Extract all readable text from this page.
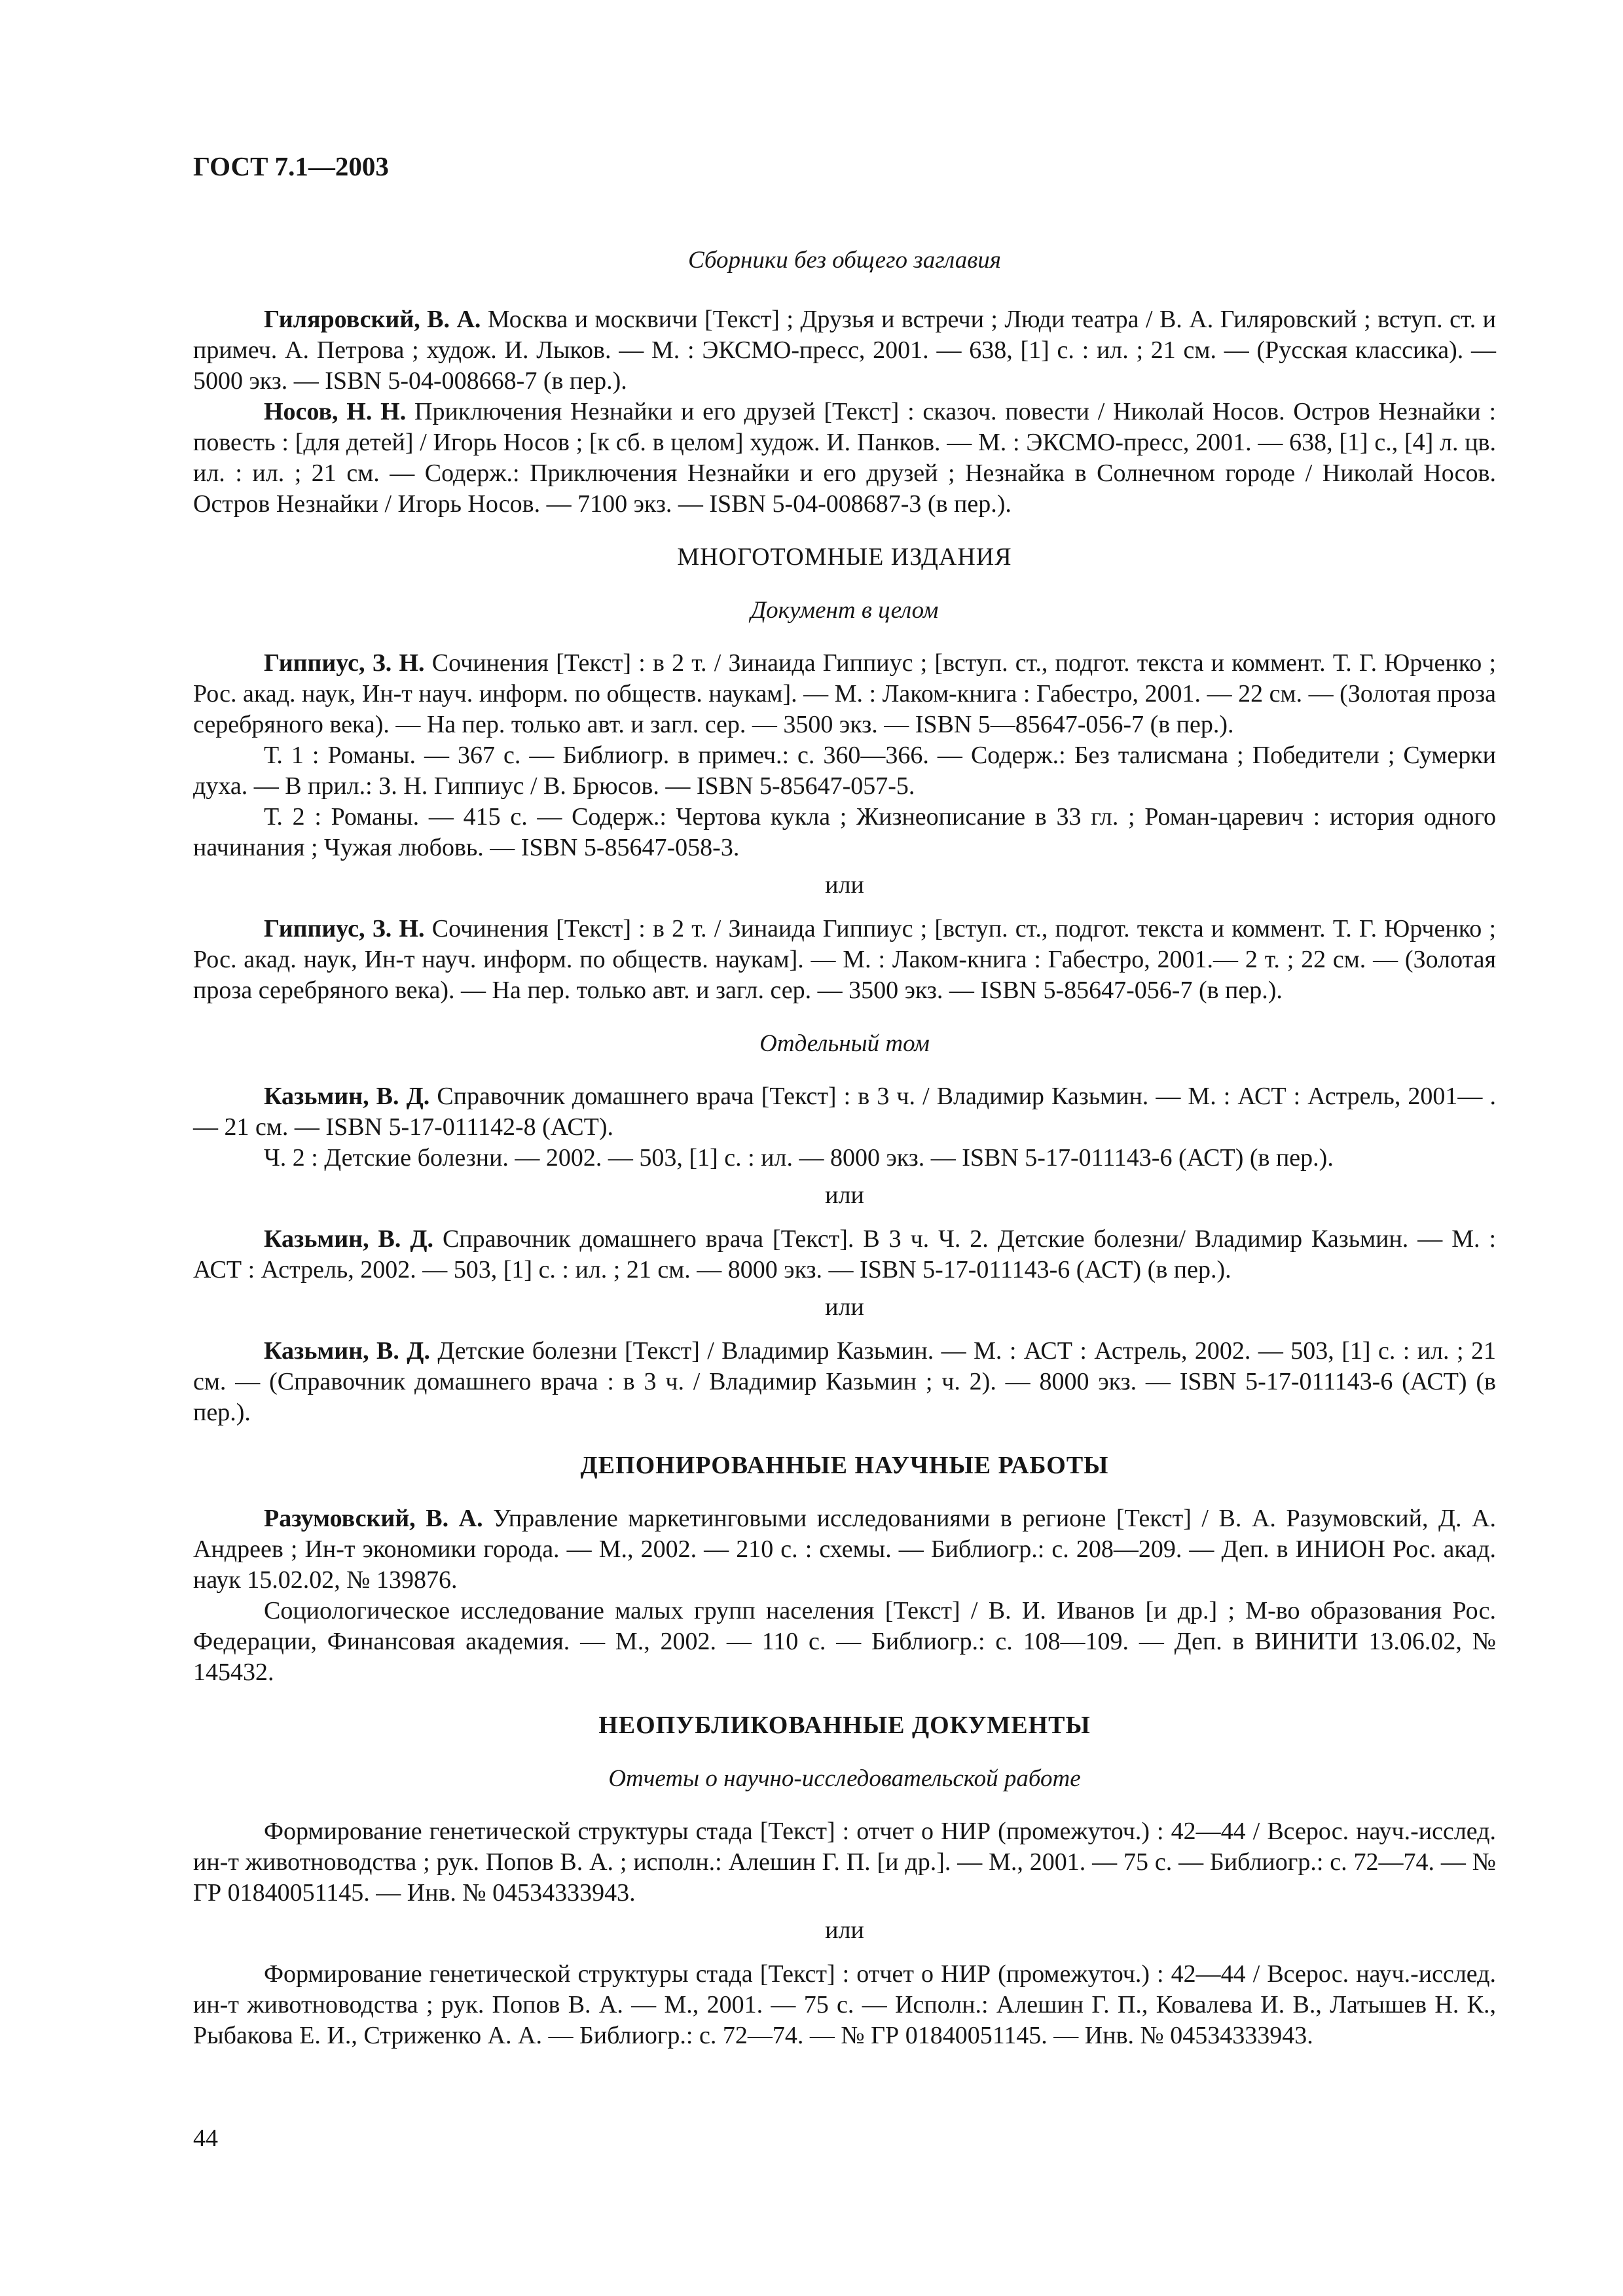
ГОСТ 7.1—2003
Сборники без общего заглавия

Гиляровский, В. А. Москва и москвичи [Текст] ; Друзья и встречи ; Люди театра / В. А. Гиляровский ; вступ. ст. и примеч. А. Петрова ; худож. И. Лыков. — М. : ЭКСМО-пресс, 2001. — 638, [1] с. : ил. ; 21 см. — (Русская классика). — 5000 экз. — ISBN 5-04-008668-7 (в пер.).

Носов, Н. Н. Приключения Незнайки и его друзей [Текст] : сказоч. повести / Николай Носов. Остров Незнайки : повесть : [для детей] / Игорь Носов ; [к сб. в целом] худож. И. Панков. — М. : ЭКСМО-пресс, 2001. — 638, [1] с., [4] л. цв. ил. : ил. ; 21 см. — Содерж.: Приключения Незнайки и его друзей ; Незнайка в Солнечном городе / Николай Носов. Остров Незнайки / Игорь Носов. — 7100 экз. — ISBN 5-04-008687-3 (в пер.).

МНОГОТОМНЫЕ ИЗДАНИЯ
Документ в целом

Гиппиус, З. Н. Сочинения [Текст] : в 2 т. / Зинаида Гиппиус ; [вступ. ст., подгот. текста и коммент. Т. Г. Юрченко ; Рос. акад. наук, Ин-т науч. информ. по обществ. наукам]. — М. : Лаком-книга : Габестро, 2001. — 22 см. — (Золотая проза серебряного века). — На пер. только авт. и загл. сер. — 3500 экз. — ISBN 5—85647-056-7 (в пер.).

Т. 1 : Романы. — 367 с. — Библиогр. в примеч.: с. 360—366. — Содерж.: Без талисмана ; Победители ; Сумерки духа. — В прил.: З. Н. Гиппиус / В. Брюсов. — ISBN 5-85647-057-5.

Т. 2 : Романы. — 415 с. — Содерж.: Чертова кукла ; Жизнеописание в 33 гл. ; Роман-царевич : история одного начинания ; Чужая любовь. — ISBN 5-85647-058-3.

или

Гиппиус, З. Н. Сочинения [Текст] : в 2 т. / Зинаида Гиппиус ; [вступ. ст., подгот. текста и коммент. Т. Г. Юрченко ; Рос. акад. наук, Ин-т науч. информ. по обществ. наукам]. — М. : Лаком-книга : Габестро, 2001.— 2 т. ; 22 см. — (Золотая проза серебряного века). — На пер. только авт. и загл. сер. — 3500 экз. — ISBN 5-85647-056-7 (в пер.).

Отдельный том

Казьмин, В. Д. Справочник домашнего врача [Текст] : в 3 ч. / Владимир Казьмин. — М. : АСТ : Астрель, 2001— . — 21 см. — ISBN 5-17-011142-8 (АСТ).

Ч. 2 : Детские болезни. — 2002. — 503, [1] с. : ил. — 8000 экз. — ISBN 5-17-011143-6 (АСТ) (в пер.).

или

Казьмин, В. Д. Справочник домашнего врача [Текст]. В 3 ч. Ч. 2. Детские болезни/ Владимир Казьмин. — М. : АСТ : Астрель, 2002. — 503, [1] с. : ил. ; 21 см. — 8000 экз. — ISBN 5-17-011143-6 (АСТ) (в пер.).

или

Казьмин, В. Д. Детские болезни [Текст] / Владимир Казьмин. — М. : АСТ : Астрель, 2002. — 503, [1] с. : ил. ; 21 см. — (Справочник домашнего врача : в 3 ч. / Владимир Казьмин ; ч. 2). — 8000 экз. — ISBN 5-17-011143-6 (АСТ) (в пер.).

ДЕПОНИРОВАННЫЕ НАУЧНЫЕ РАБОТЫ

Разумовский, В. А. Управление маркетинговыми исследованиями в регионе [Текст] / В. А. Разумовский, Д. А. Андреев ; Ин-т экономики города. — М., 2002. — 210 с. : схемы. — Библиогр.: с. 208—209. — Деп. в ИНИОН Рос. акад. наук 15.02.02, № 139876.

Социологическое исследование малых групп населения [Текст] / В. И. Иванов [и др.] ; М-во образования Рос. Федерации, Финансовая академия. — М., 2002. — 110 с. — Библиогр.: с. 108—109. — Деп. в ВИНИТИ 13.06.02, № 145432.

НЕОПУБЛИКОВАННЫЕ ДОКУМЕНТЫ
Отчеты о научно-исследовательской работе

Формирование генетической структуры стада [Текст] : отчет о НИР (промежуточ.) : 42—44 / Всерос. науч.-исслед. ин-т животноводства ; рук. Попов В. А. ; исполн.: Алешин Г. П. [и др.]. — М., 2001. — 75 с. — Библиогр.: с. 72—74. — № ГР 01840051145. — Инв. № 04534333943.

или

Формирование генетической структуры стада [Текст] : отчет о НИР (промежуточ.) : 42—44 / Всерос. науч.-исслед. ин-т животноводства ; рук. Попов В. А. — М., 2001. — 75 с. — Исполн.: Алешин Г. П., Ковалева И. В., Латышев Н. К., Рыбакова Е. И., Стриженко А. А. — Библиогр.: с. 72—74. — № ГР 01840051145. — Инв. № 04534333943.

44
